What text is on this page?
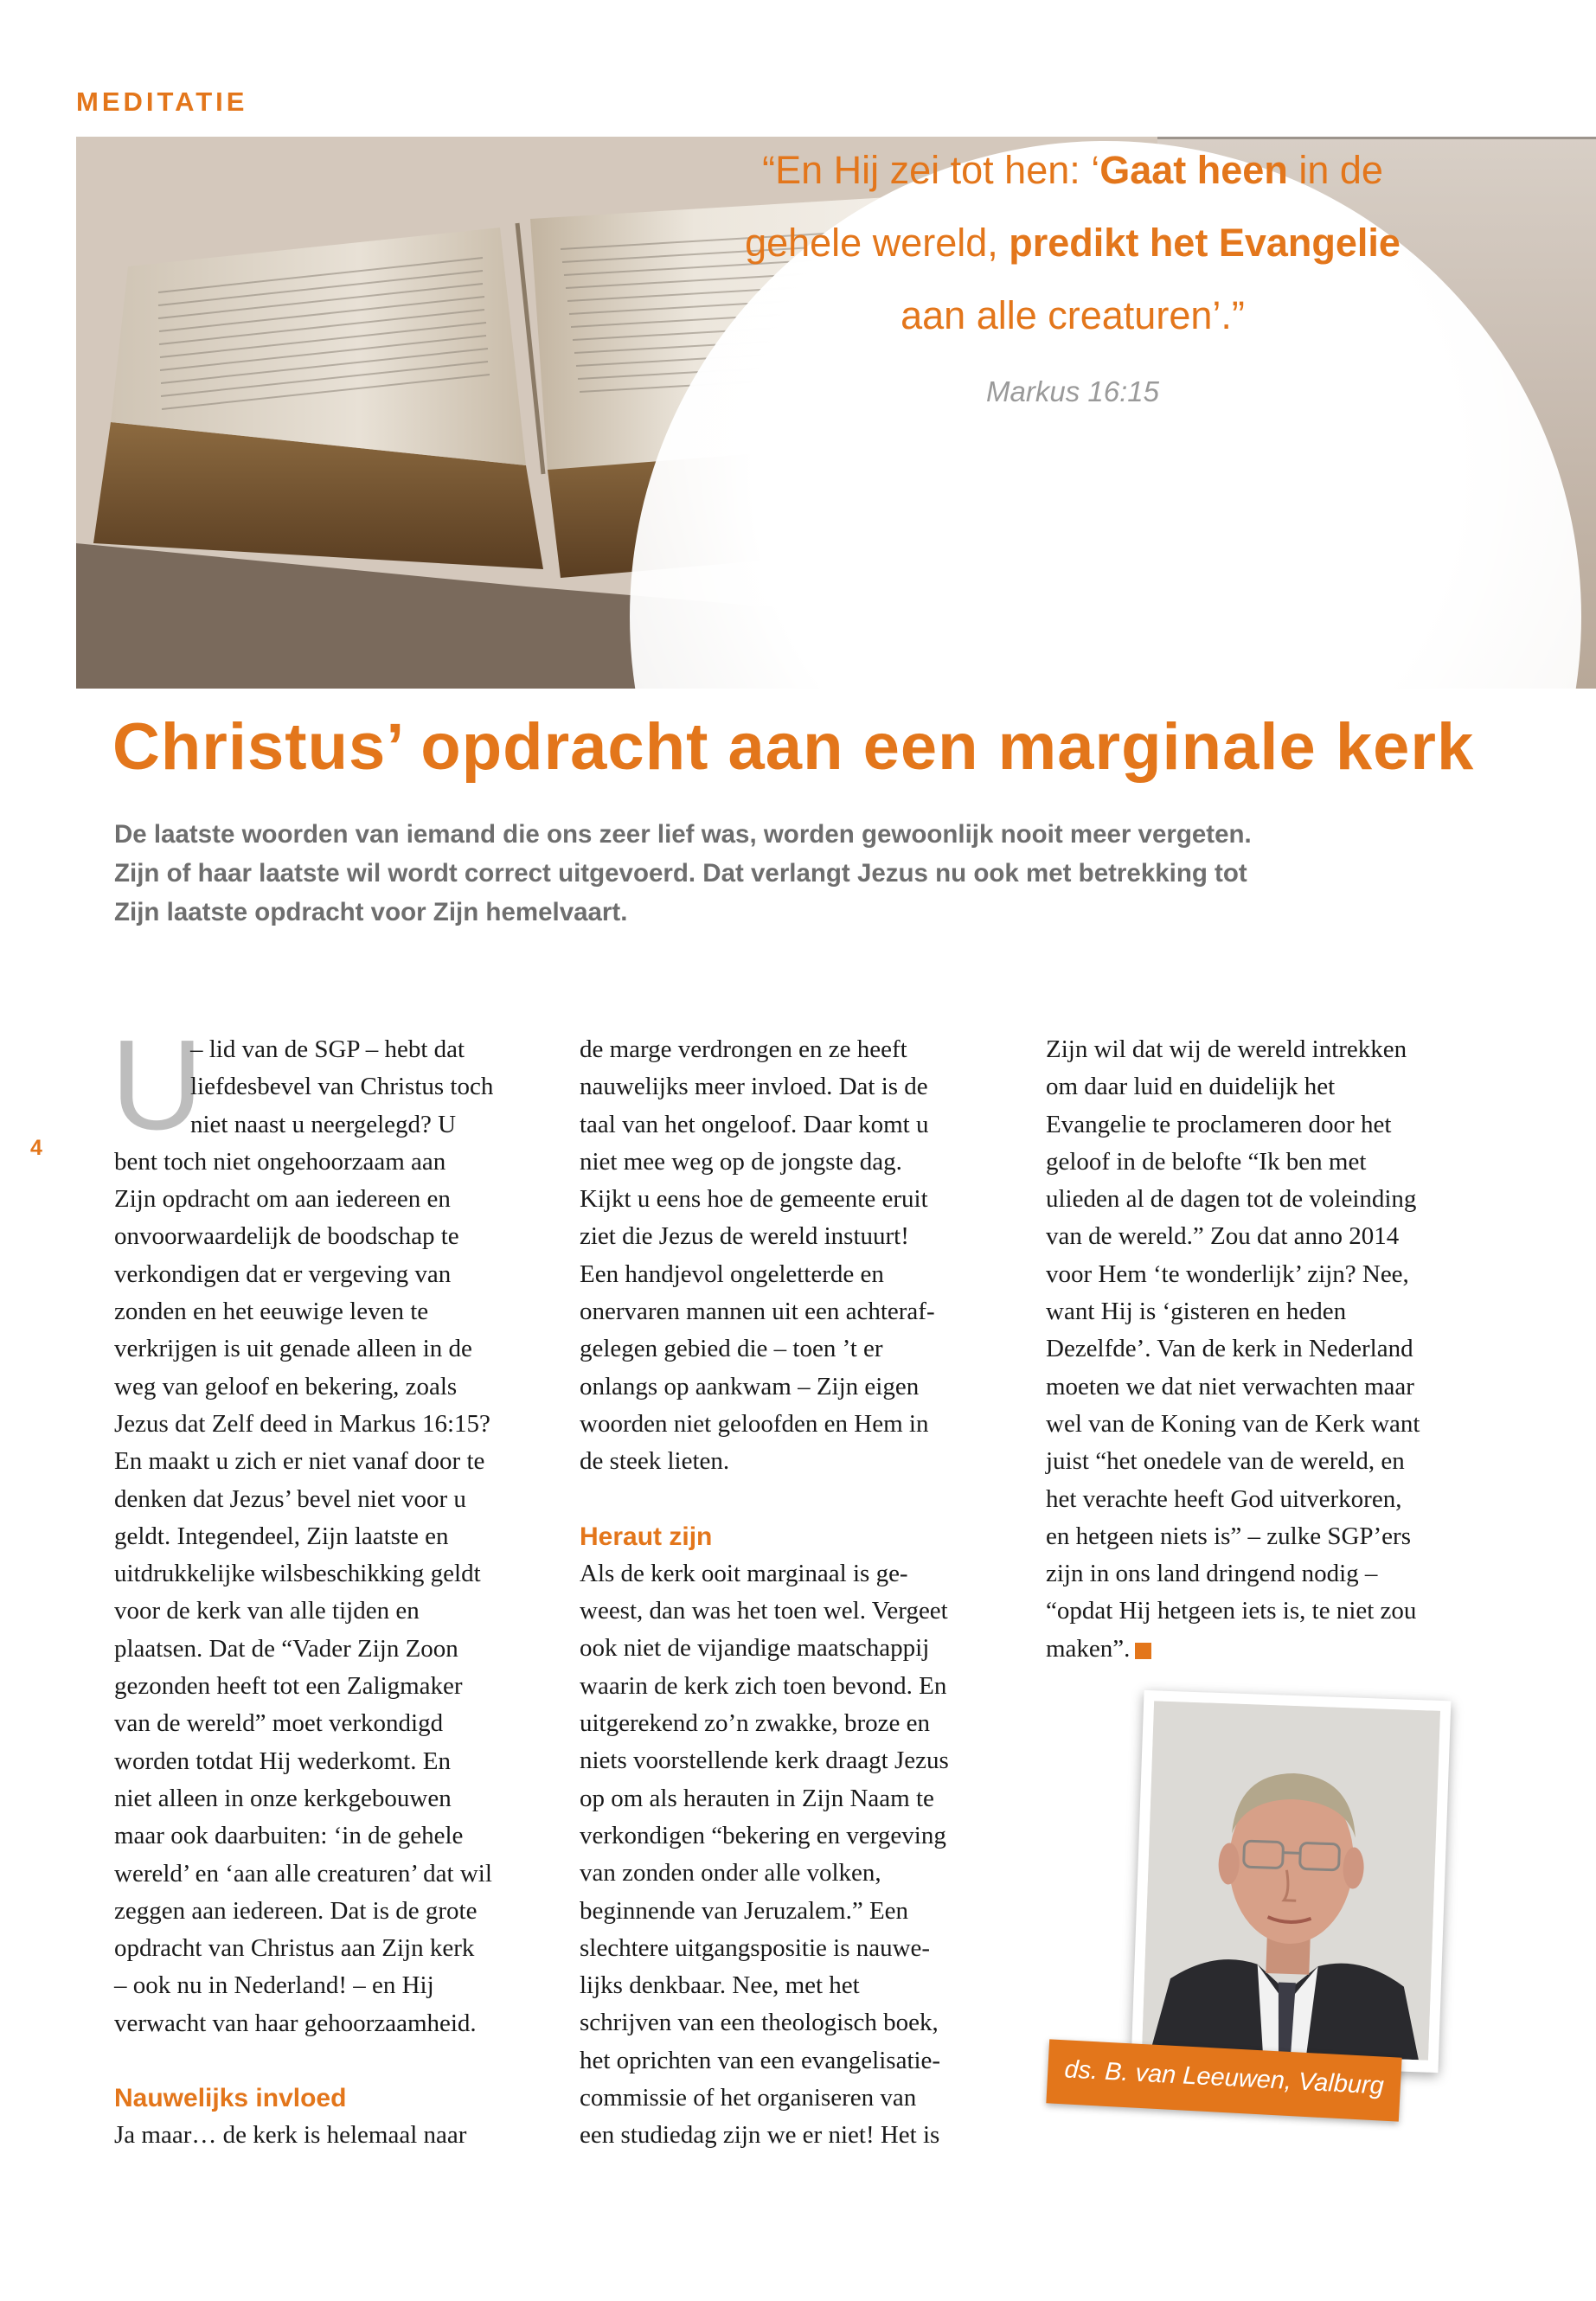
MEDITATIE
“En Hij zei tot hen: ‘Gaat heen in de
gehele wereld, predikt het Evangelie
aan alle creaturen’.”
Markus 16:15
Christus’ opdracht aan een marginale kerk
De laatste woorden van iemand die ons zeer lief was, worden gewoonlijk nooit meer vergeten.
Zijn of haar laatste wil wordt correct uitgevoerd. Dat verlangt Jezus nu ook met betrekking tot
Zijn laatste opdracht voor Zijn hemelvaart.
4 U
– lid van de SGP – hebt dat
liefdesbevel van Christus toch
niet naast u neergelegd? U
bent toch niet ongehoorzaam aan
Zijn opdracht om aan iedereen en
onvoorwaardelijk de boodschap te
verkondigen dat er vergeving van
zonden en het eeuwige leven te
verkrijgen is uit genade alleen in de
weg van geloof en bekering, zoals
Jezus dat Zelf deed in Markus 16:15?
En maakt u zich er niet vanaf door te
denken dat Jezus’ bevel niet voor u
geldt. Integendeel, Zijn laatste en
uitdrukkelijke wilsbeschikking geldt
voor de kerk van alle tijden en
plaatsen. Dat de “Vader Zijn Zoon
gezonden heeft tot een Zaligmaker
van de wereld” moet verkondigd
worden totdat Hij wederkomt. En
niet alleen in onze kerkgebouwen
maar ook daarbuiten: ‘in de gehele
wereld’ en ‘aan alle creaturen’ dat wil
zeggen aan iedereen. Dat is de grote
opdracht van Christus aan Zijn kerk
– ook nu in Nederland! – en Hij
verwacht van haar gehoorzaamheid.
Nauwelijks invloed
Ja maar… de kerk is helemaal naar
de marge verdrongen en ze heeft
nauwelijks meer invloed. Dat is de
taal van het ongeloof. Daar komt u
niet mee weg op de jongste dag.
Kijkt u eens hoe de gemeente eruit
ziet die Jezus de wereld instuurt!
Een handjevol ongeletterde en
onervaren mannen uit een achteraf-
gelegen gebied die – toen ’t er
onlangs op aankwam – Zijn eigen
woorden niet geloofden en Hem in
de steek lieten.
Heraut zijn
Als de kerk ooit marginaal is ge-
weest, dan was het toen wel. Vergeet
ook niet de vijandige maatschappij
waarin de kerk zich toen bevond. En
uitgerekend zo’n zwakke, broze en
niets voorstellende kerk draagt Jezus
op om als herauten in Zijn Naam te
verkondigen “bekering en vergeving
van zonden onder alle volken,
beginnende van Jeruzalem.” Een
slechtere uitgangspositie is nauwe-
lijks denkbaar. Nee, met het
schrijven van een theologisch boek,
het oprichten van een evangelisatie-
commissie of het organiseren van
een studiedag zijn we er niet! Het is
Zijn wil dat wij de wereld intrekken
om daar luid en duidelijk het
Evangelie te proclameren door het
geloof in de belofte “Ik ben met
ulieden al de dagen tot de voleinding
van de wereld.” Zou dat anno 2014
voor Hem ‘te wonderlijk’ zijn? Nee,
want Hij is ‘gisteren en heden
Dezelfde’. Van de kerk in Nederland
moeten we dat niet verwachten maar
wel van de Koning van de Kerk want
juist “het onedele van de wereld, en
het verachte heeft God uitverkoren,
en hetgeen niets is” – zulke SGP’ers
zijn in ons land dringend nodig –
“opdat Hij hetgeen iets is, te niet zou
maken”.
ds. B. van Leeuwen, Valburg
